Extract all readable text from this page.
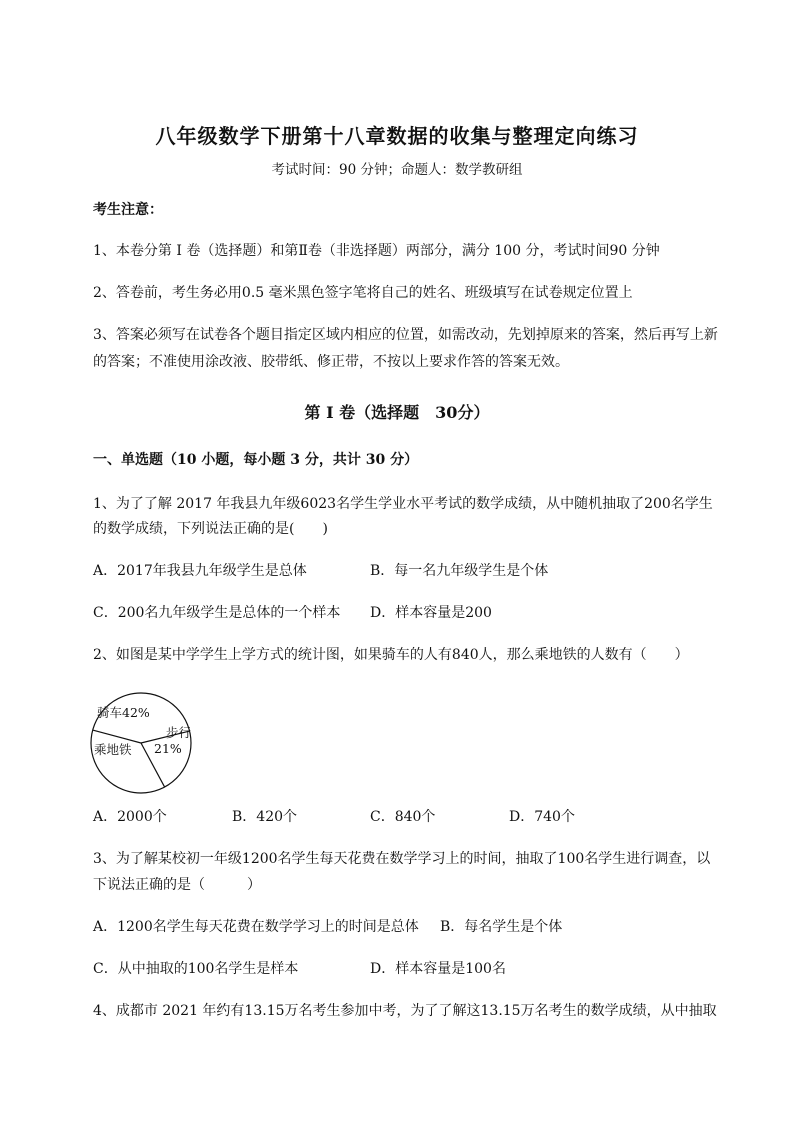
八年级数学下册第十八章数据的收集与整理定向练习
考试时间：90 分钟；命题人：数学教研组
考生注意：
1、本卷分第 I 卷（选择题）和第Ⅱ卷（非选择题）两部分，满分 100 分，考试时间90 分钟
2、答卷前，考生务必用0.5 毫米黑色签字笔将自己的姓名、班级填写在试卷规定位置上
3、答案必须写在试卷各个题目指定区域内相应的位置，如需改动，先划掉原来的答案，然后再写上新
的答案；不准使用涂改液、胶带纸、修正带，不按以上要求作答的答案无效。
第 I 卷（选择题　30分）
一、单选题（10 小题，每小题 3 分，共计 30 分）
1、为了了解 2017 年我县九年级6023名学生学业水平考试的数学成绩，从中随机抽取了200名学生
的数学成绩，下列说法正确的是(　　)
A．2017年我县九年级学生是总体	B．每一名九年级学生是个体
C．200名九年级学生是总体的一个样本 D．样本容量是200
2、如图是某中学学生上学方式的统计图，如果骑车的人有840人，那么乘地铁的人数有（　　）
骑车42%
步行
21%
乘地铁
A．2000个	B．420个	C．840个	D．740个
3、为了解某校初一年级1200名学生每天花费在数学学习上的时间，抽取了100名学生进行调查，以
下说法正确的是（　　　）
A．1200名学生每天花费在数学学习上的时间是总体 B．每名学生是个体
C．从中抽取的100名学生是样本	D．样本容量是100名
4、成都市 2021 年约有13.15万名考生参加中考，为了了解这13.15万名考生的数学成绩，从中抽取
